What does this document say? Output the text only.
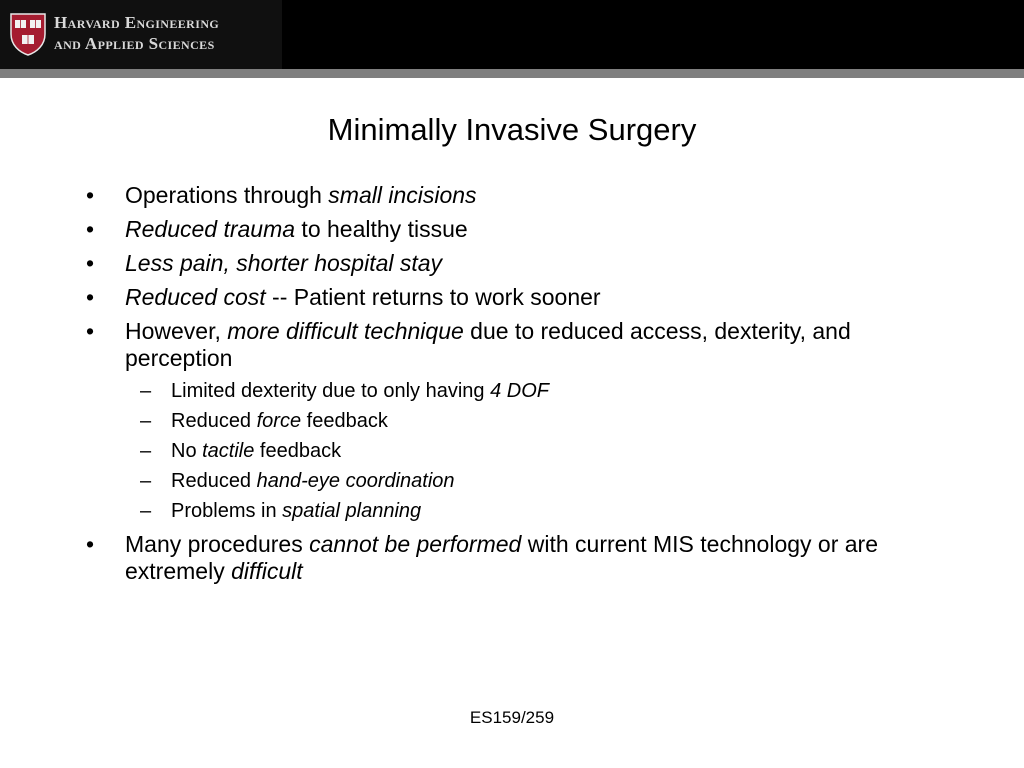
Harvard Engineering
and Applied Sciences
Minimally Invasive Surgery
• Operations through small incisions
• Reduced trauma to healthy tissue
• Less pain, shorter hospital stay
• Reduced cost -- Patient returns to work sooner
• However, more difficult technique due to reduced access, dexterity, and perception
– Limited dexterity due to only having 4 DOF
– Reduced force feedback
– No tactile feedback
– Reduced hand-eye coordination
– Problems in spatial planning
• Many procedures cannot be performed with current MIS technology or are extremely difficult
ES159/259
